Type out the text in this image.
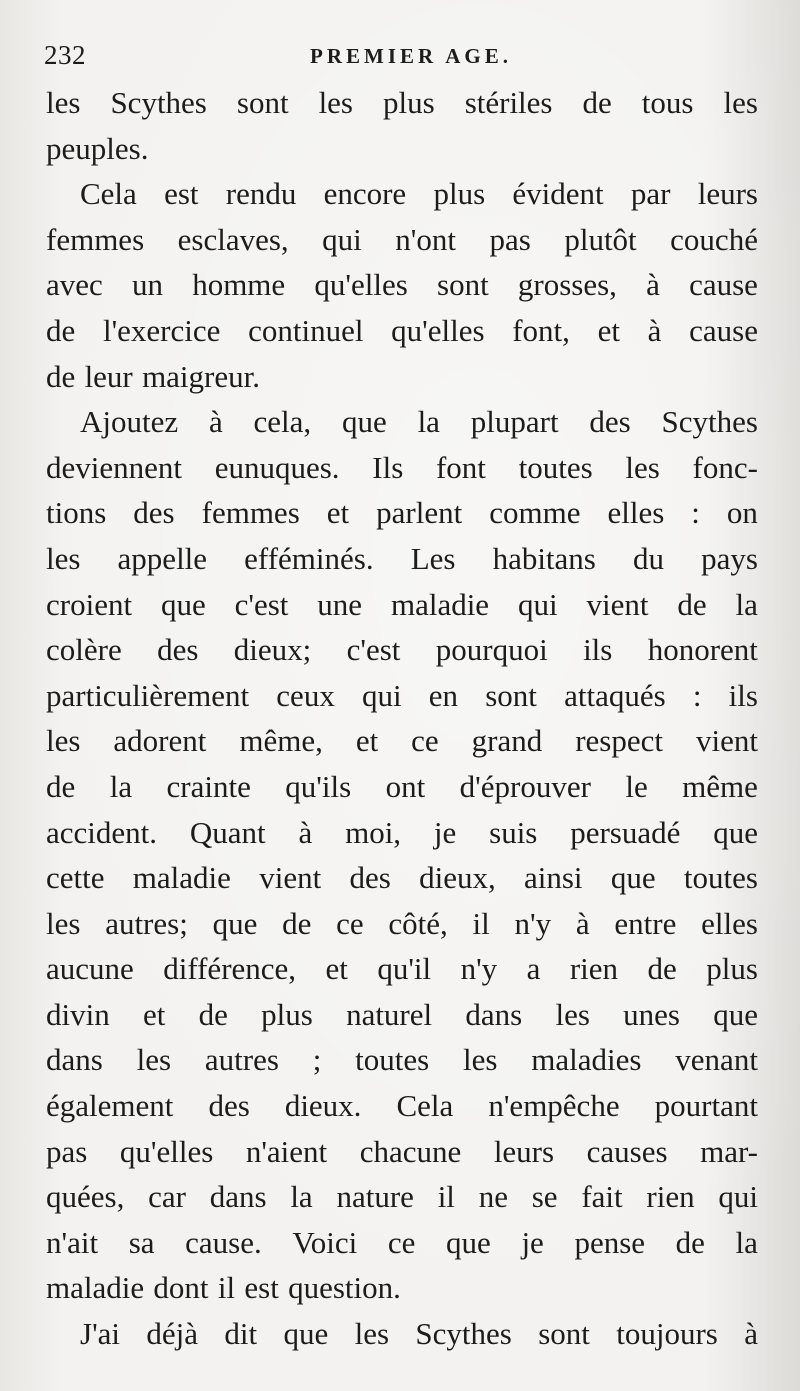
232	PREMIER AGE.
les Scythes sont les plus stériles de tous les
peuples.
Cela est rendu encore plus évident par leurs
femmes esclaves, qui n'ont pas plutôt couché
avec un homme qu'elles sont grosses, à cause
de l'exercice continuel qu'elles font, et à cause
de leur maigreur.
Ajoutez à cela, que la plupart des Scythes
deviennent eunuques. Ils font toutes les fonc-
tions des femmes et parlent comme elles : on
les appelle efféminés. Les habitans du pays
croient que c'est une maladie qui vient de la
colère des dieux; c'est pourquoi ils honorent
particulièrement ceux qui en sont attaqués : ils
les adorent même, et ce grand respect vient
de la crainte qu'ils ont d'éprouver le même
accident. Quant à moi, je suis persuadé que
cette maladie vient des dieux, ainsi que toutes
les autres; que de ce côté, il n'y à entre elles
aucune différence, et qu'il n'y a rien de plus
divin et de plus naturel dans les unes que
dans les autres ; toutes les maladies venant
également des dieux. Cela n'empêche pourtant
pas qu'elles n'aient chacune leurs causes mar-
quées, car dans la nature il ne se fait rien qui
n'ait sa cause. Voici ce que je pense de la
maladie dont il est question.
J'ai déjà dit que les Scythes sont toujours à
